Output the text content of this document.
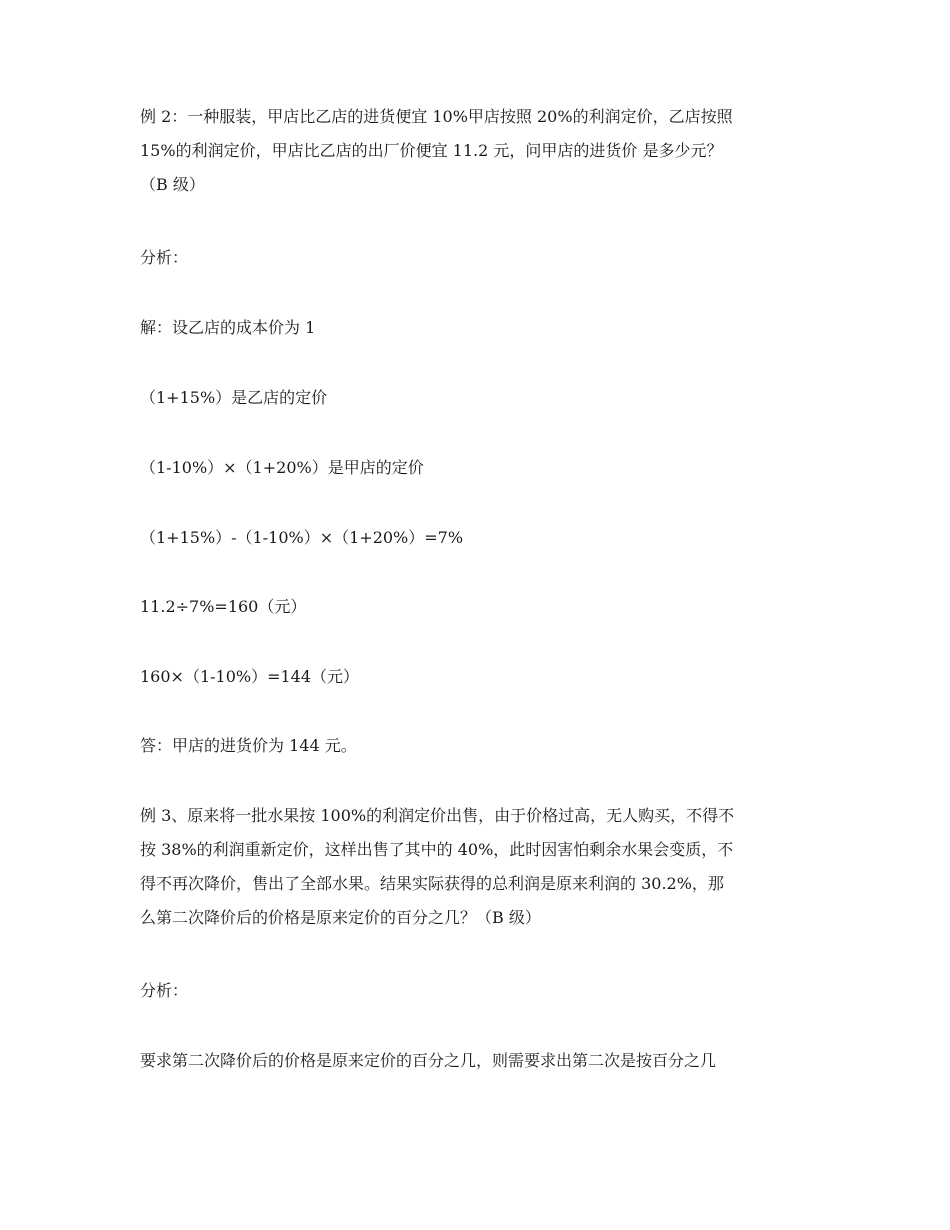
例 2：一种服装，甲店比乙店的进货便宜 10%甲店按照 20%的利润定价，乙店按照
15%的利润定价，甲店比乙店的出厂价便宜 11.2 元，问甲店的进货价 是多少元？
（B 级）
分析：
解：设乙店的成本价为 1
（1+15%）是乙店的定价
（1-10%）×（1+20%）是甲店的定价
（1+15%）-（1-10%）×（1+20%）=7%
11.2÷7%=160（元）
160×（1-10%）=144（元）
答：甲店的进货价为 144 元。
例 3、原来将一批水果按 100%的利润定价出售，由于价格过高，无人购买，不得不
按 38%的利润重新定价，这样出售了其中的 40%，此时因害怕剩余水果会变质，不
得不再次降价，售出了全部水果。结果实际获得的总利润是原来利润的 30.2%，那
么第二次降价后的价格是原来定价的百分之几？（B 级）
分析：
要求第二次降价后的价格是原来定价的百分之几，则需要求出第二次是按百分之几
